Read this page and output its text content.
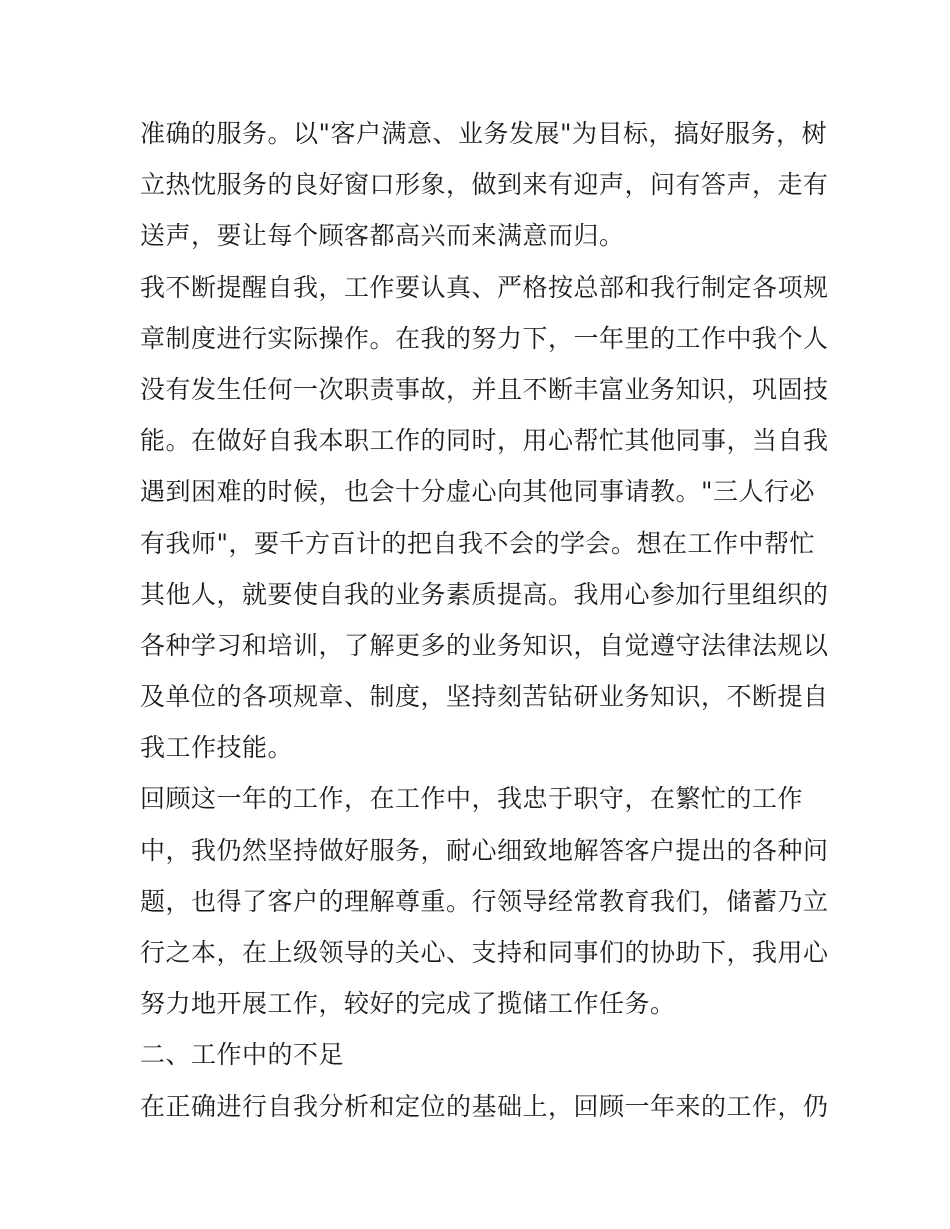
准确的服务。以"客户满意、业务发展"为目标，搞好服务，树
立热忱服务的良好窗口形象，做到来有迎声，问有答声，走有
送声，要让每个顾客都高兴而来满意而归。
我不断提醒自我，工作要认真、严格按总部和我行制定各项规
章制度进行实际操作。在我的努力下，一年里的工作中我个人
没有发生任何一次职责事故，并且不断丰富业务知识，巩固技
能。在做好自我本职工作的同时，用心帮忙其他同事，当自我
遇到困难的时候，也会十分虚心向其他同事请教。"三人行必
有我师"，要千方百计的把自我不会的学会。想在工作中帮忙
其他人，就要使自我的业务素质提高。我用心参加行里组织的
各种学习和培训，了解更多的业务知识，自觉遵守法律法规以
及单位的各项规章、制度，坚持刻苦钻研业务知识，不断提自
我工作技能。
回顾这一年的工作，在工作中，我忠于职守，在繁忙的工作
中，我仍然坚持做好服务，耐心细致地解答客户提出的各种问
题，也得了客户的理解尊重。行领导经常教育我们，储蓄乃立
行之本，在上级领导的关心、支持和同事们的协助下，我用心
努力地开展工作，较好的完成了揽储工作任务。
二、工作中的不足
在正确进行自我分析和定位的基础上，回顾一年来的工作，仍
